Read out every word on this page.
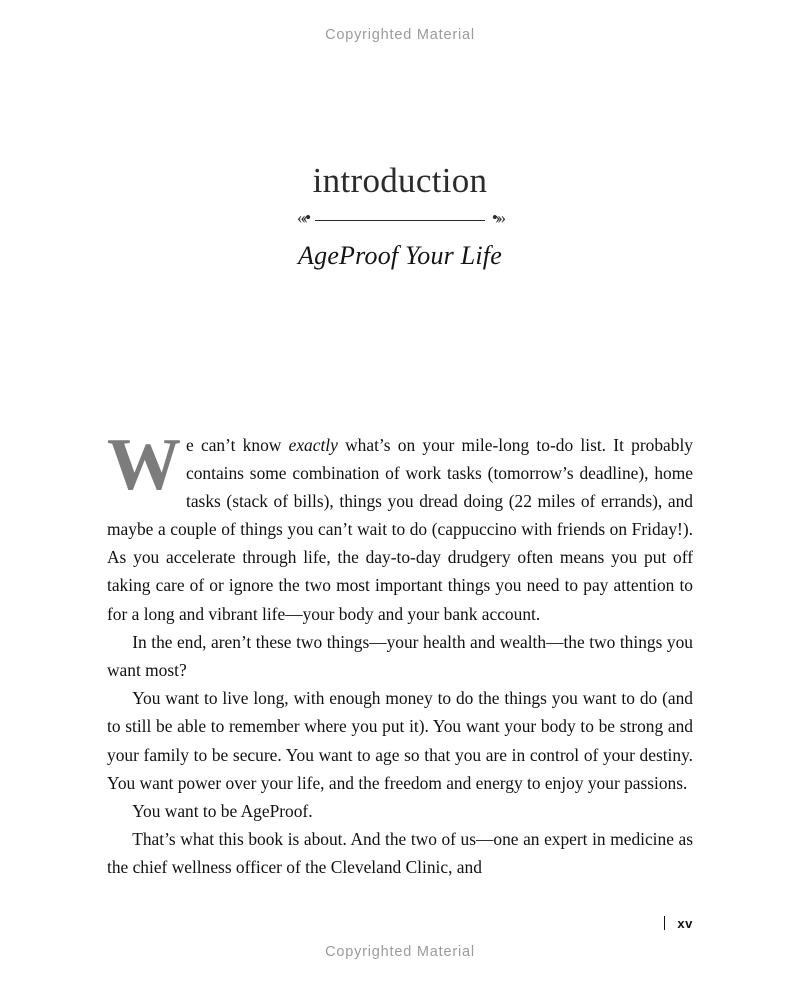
Copyrighted Material
introduction
«‹•	•›»
AgeProof Your Life

We can’t know exactly what’s on your mile-long to-do list. It probably contains some combination of work tasks (tomorrow’s deadline), home tasks (stack of bills), things you dread doing (22 miles of errands), and maybe a couple of things you can’t wait to do (cappuccino with friends on Friday!). As you accelerate through life, the day-to-day drudgery often means you put off taking care of or ignore the two most important things you need to pay attention to for a long and vibrant life—your body and your bank account.

In the end, aren’t these two things—your health and wealth—the two things you want most?

You want to live long, with enough money to do the things you want to do (and to still be able to remember where you put it). You want your body to be strong and your family to be secure. You want to age so that you are in control of your destiny. You want power over your life, and the freedom and energy to enjoy your passions.

You want to be AgeProof.

That’s what this book is about. And the two of us—one an expert in medicine as the chief wellness officer of the Cleveland Clinic, and

xv
Copyrighted Material
